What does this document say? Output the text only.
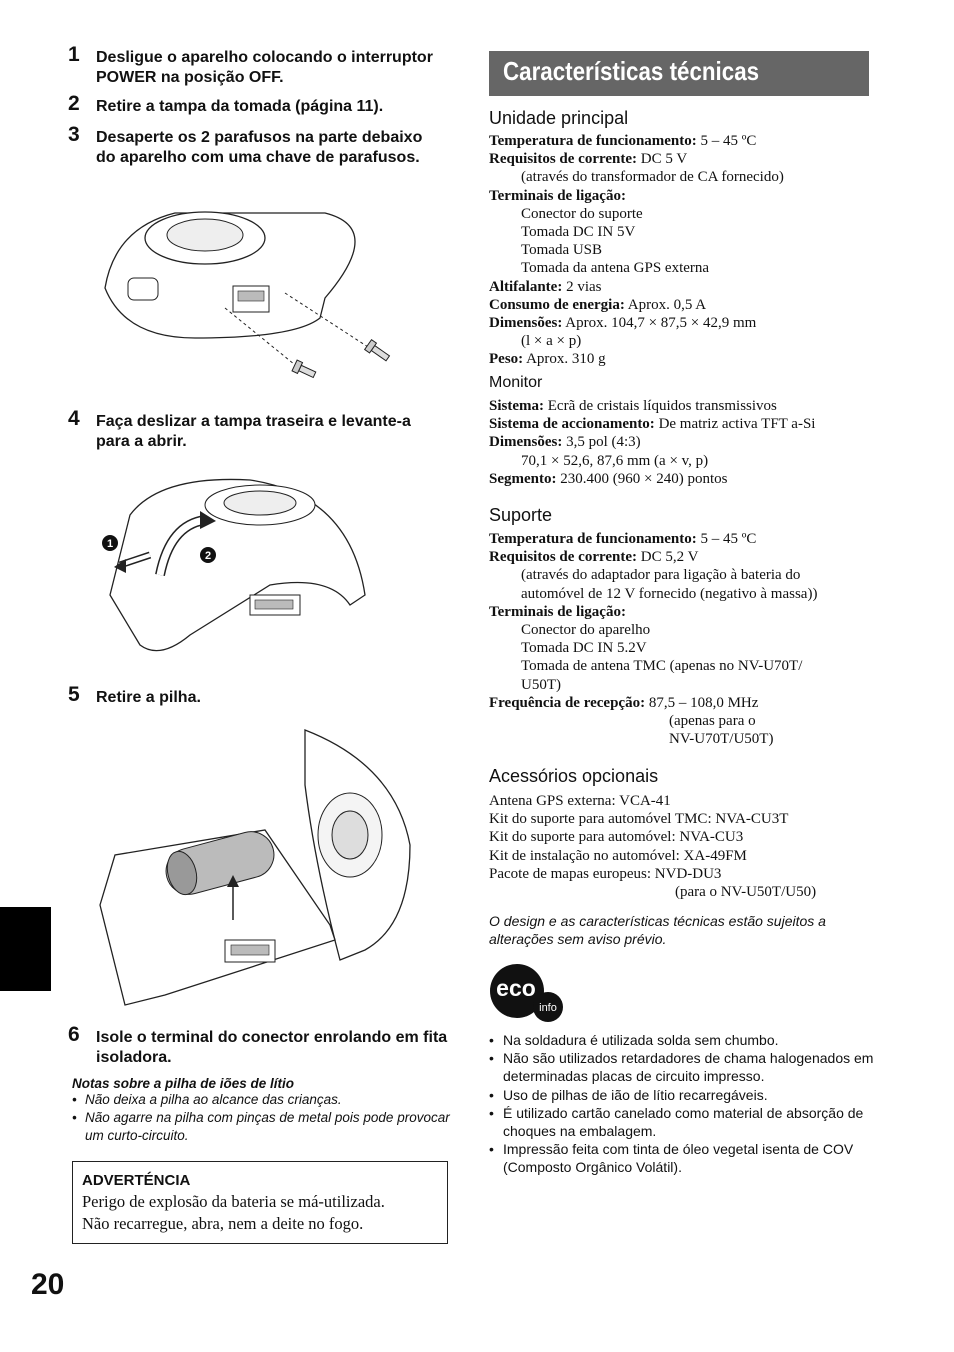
1 Desligue o aparelho colocando o interruptor POWER na posição OFF.
2 Retire a tampa da tomada (página 11).
3 Desaperte os 2 parafusos na parte debaixo do aparelho com uma chave de parafusos.
4 Faça deslizar a tampa traseira e levante-a para a abrir.
1
2
5 Retire a pilha.
6 Isole o terminal do conector enrolando em fita isoladora.
Notas sobre a pilha de iões de lítio
• Não deixa a pilha ao alcance das crianças.
• Não agarre na pilha com pinças de metal pois pode provocar um curto-circuito.
ADVERTÉNCIA
Perigo de explosão da bateria se má-utilizada.
Não recarregue, abra, nem a deite no fogo.
20
Características técnicas
Unidade principal
Temperatura de funcionamento: 5 – 45 ºC
Requisitos de corrente: DC 5 V
(através do transformador de CA fornecido)
Terminais de ligação:
Conector do suporte
Tomada DC IN 5V
Tomada USB
Tomada da antena GPS externa
Altifalante: 2 vias
Consumo de energia: Aprox. 0,5 A
Dimensões: Aprox. 104,7 × 87,5 × 42,9 mm
(l × a × p)
Peso: Aprox. 310 g
Monitor
Sistema: Ecrã de cristais líquidos transmissivos
Sistema de accionamento: De matriz activa TFT a-Si
Dimensões: 3,5 pol (4:3)
70,1 × 52,6, 87,6 mm (a × v, p)
Segmento: 230.400 (960 × 240) pontos
Suporte
Temperatura de funcionamento: 5 – 45 ºC
Requisitos de corrente: DC 5,2 V
(através do adaptador para ligação à bateria do
automóvel de 12 V fornecido (negativo à massa))
Terminais de ligação:
Conector do aparelho
Tomada DC IN 5.2V
Tomada de antena TMC (apenas no NV-U70T/
U50T)
Frequência de recepção: 87,5 – 108,0 MHz
(apenas para o
NV-U70T/U50T)
Acessórios opcionais
Antena GPS externa: VCA-41
Kit do suporte para automóvel TMC: NVA-CU3T
Kit do suporte para automóvel: NVA-CU3
Kit de instalação no automóvel: XA-49FM
Pacote de mapas europeus: NVD-DU3
(para o NV-U50T/U50)
O design e as características técnicas estão sujeitos a alterações sem aviso prévio.
eco
info
• Na soldadura é utilizada solda sem chumbo.
• Não são utilizados retardadores de chama halogenados em determinadas placas de circuito impresso.
• Uso de pilhas de ião de lítio recarregáveis.
• É utilizado cartão canelado como material de absorção de choques na embalagem.
• Impressão feita com tinta de óleo vegetal isenta de COV (Composto Orgânico Volátil).
